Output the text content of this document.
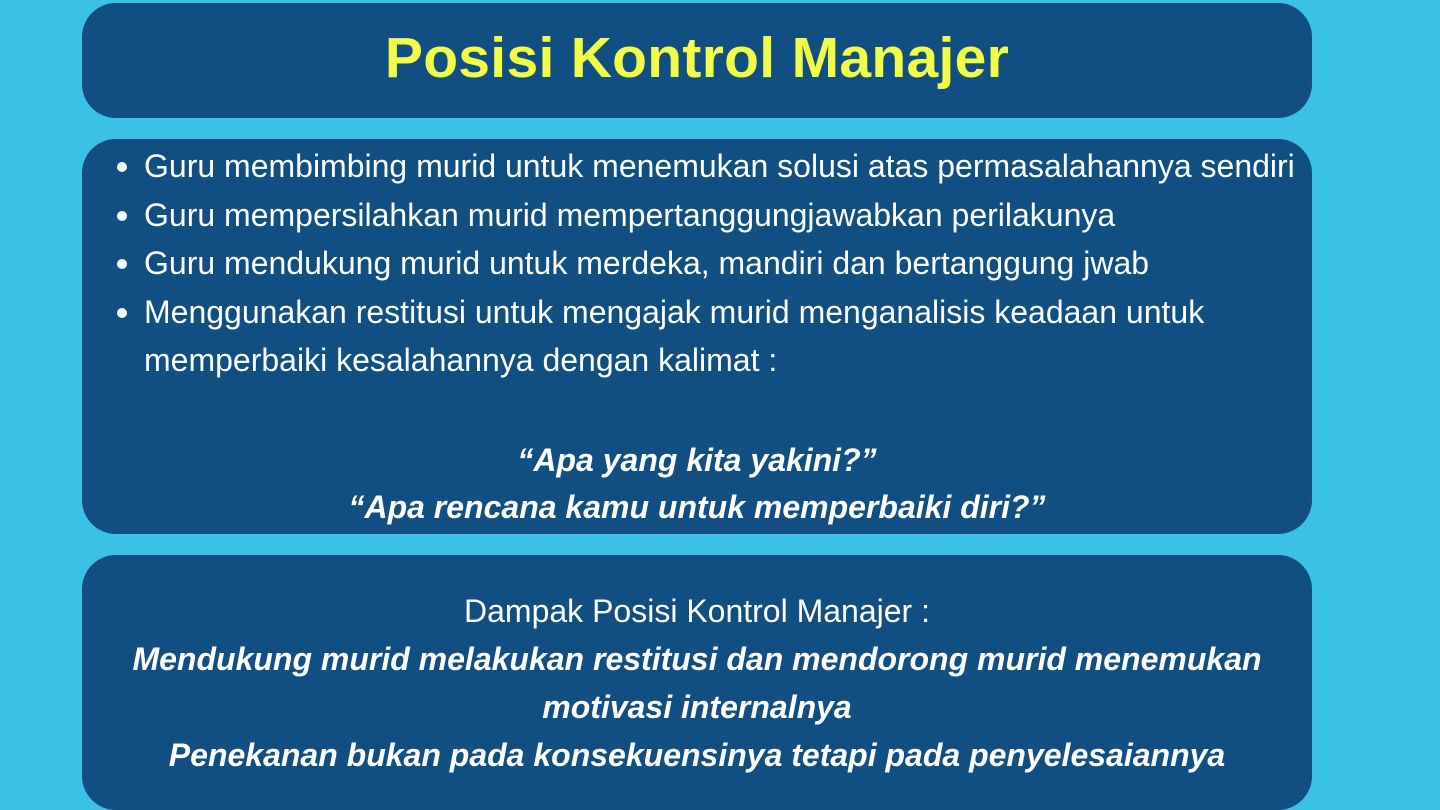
Posisi Kontrol Manajer
Guru membimbing murid untuk menemukan solusi atas permasalahannya sendiri
Guru mempersilahkan murid mempertanggungjawabkan perilakunya
Guru mendukung murid untuk merdeka, mandiri dan bertanggung jwab
Menggunakan restitusi untuk mengajak murid menganalisis keadaan untuk memperbaiki kesalahannya dengan kalimat :
“Apa yang kita yakini?”
“Apa rencana kamu untuk memperbaiki diri?”
Dampak Posisi Kontrol Manajer :
Mendukung murid melakukan restitusi dan mendorong murid menemukan motivasi internalnya
Penekanan bukan pada konsekuensinya tetapi pada penyelesaiannya
